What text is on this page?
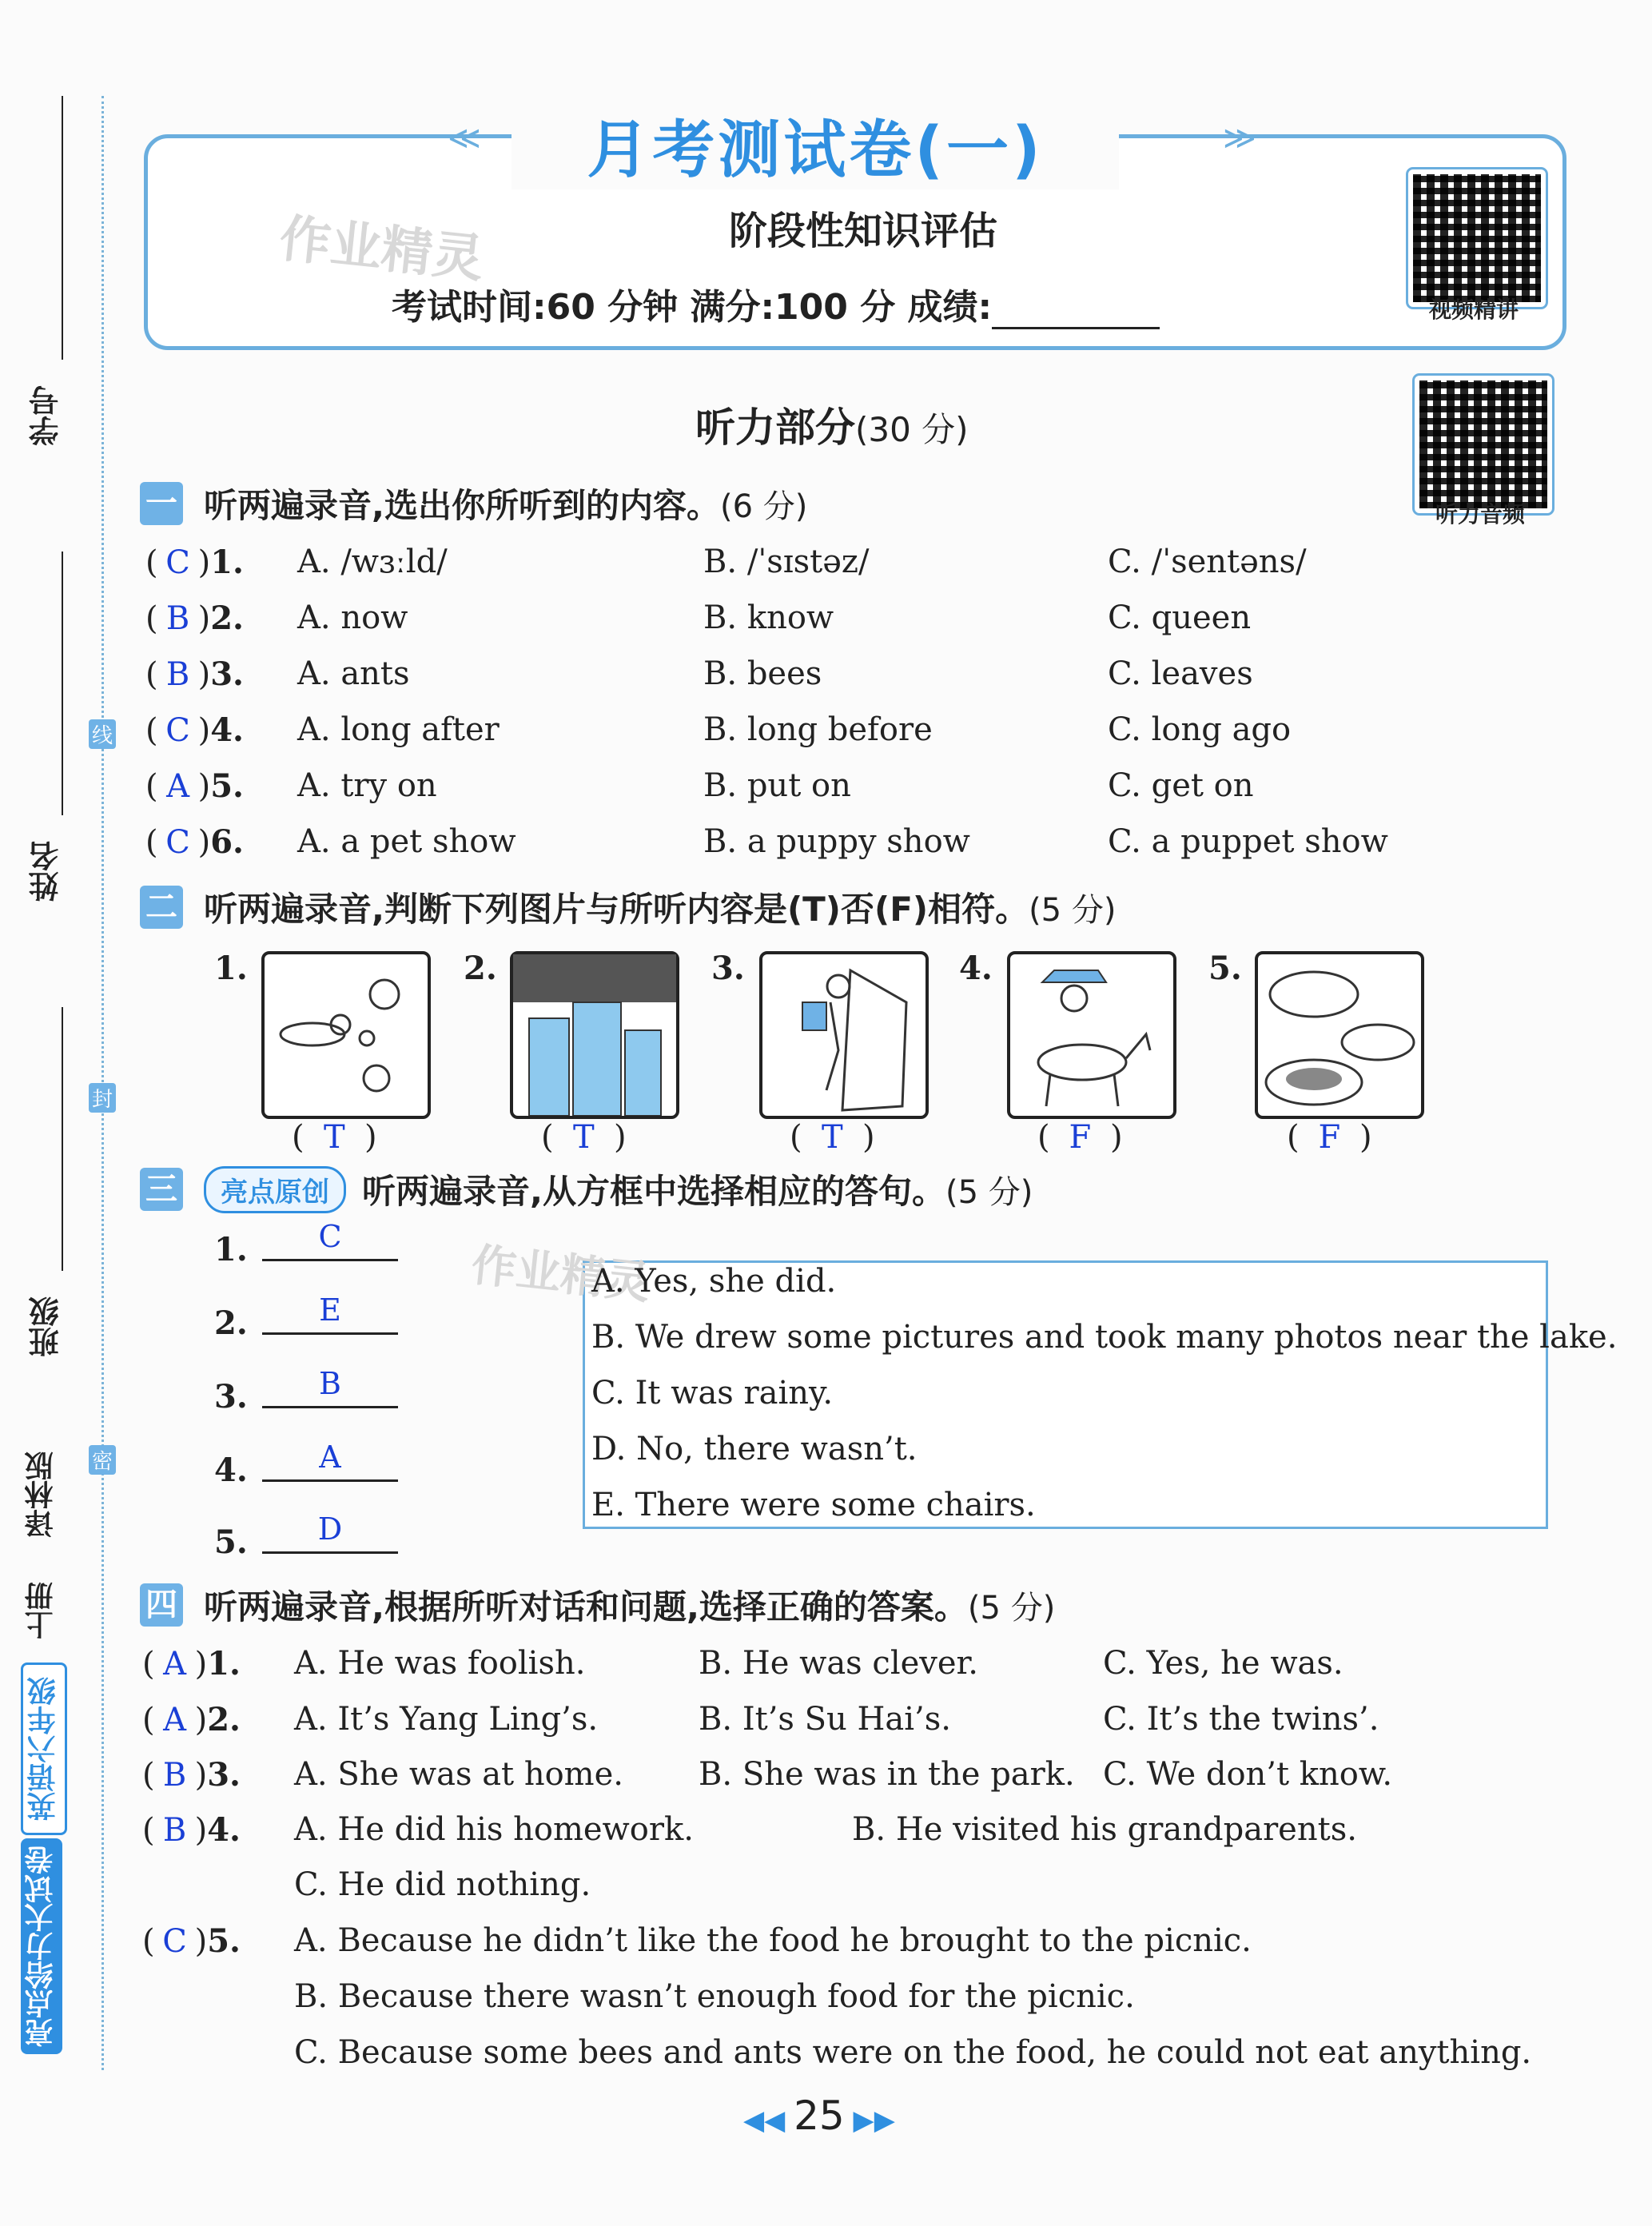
学号
姓名
班级
线
封
密
亮点给力大试卷
英语六年级
上册
译林版
≪	≫
月考测试卷(一)
作业精灵	阶段性知识评估
考试时间:60 分钟 满分:100 分 成绩:	视频精讲
听力音频
听力部分(30 分)
一 听两遍录音,选出你所听到的内容。 (6 分)
( C )1.	A. /wɜːld/	B. /ˈsɪstəz/	C. /ˈsentəns/
( B )2.	A. now	B. know	C. queen
( B )3.	A. ants	B. bees	C. leaves
( C )4.	A. long after	B. long before	C. long ago
( A )5.	A. try on	B. put on	C. get on
( C )6.	A. a pet show	B. a puppy show	C. a puppet show
二 听两遍录音,判断下列图片与所听内容是(T)否(F)相符。 (5 分)
1.	2.	3.	4.	5.
( T )	( T )	( T )	( F )	( F )
三	亮点原创 听两遍录音,从方框中选择相应的答句。 (5 分)
1.	C
2.	E
3.	B
4.	A
5.	D
作业精灵
A. Yes, she did.
B. We drew some pictures and took many photos near the lake.
C. It was rainy.
D. No, there wasn’t.
E. There were some chairs.
四 听两遍录音,根据所听对话和问题,选择正确的答案。 (5 分)
( A )1.	A. He was foolish.	B. He was clever.	C. Yes, he was.
( A )2.	A. It’s Yang Ling’s.	B. It’s Su Hai’s.	C. It’s the twins’.
( B )3.	A. She was at home. B. She was in the park. C. We don’t know.
( B )4.	A. He did his homework.	B. He visited his grandparents.
C. He did nothing.
( C )5.	A. Because he didn’t like the food he brought to the picnic.
B. Because there wasn’t enough food for the picnic.
C. Because some bees and ants were on the food, he could not eat anything.
◀◀ 25 ▶▶
